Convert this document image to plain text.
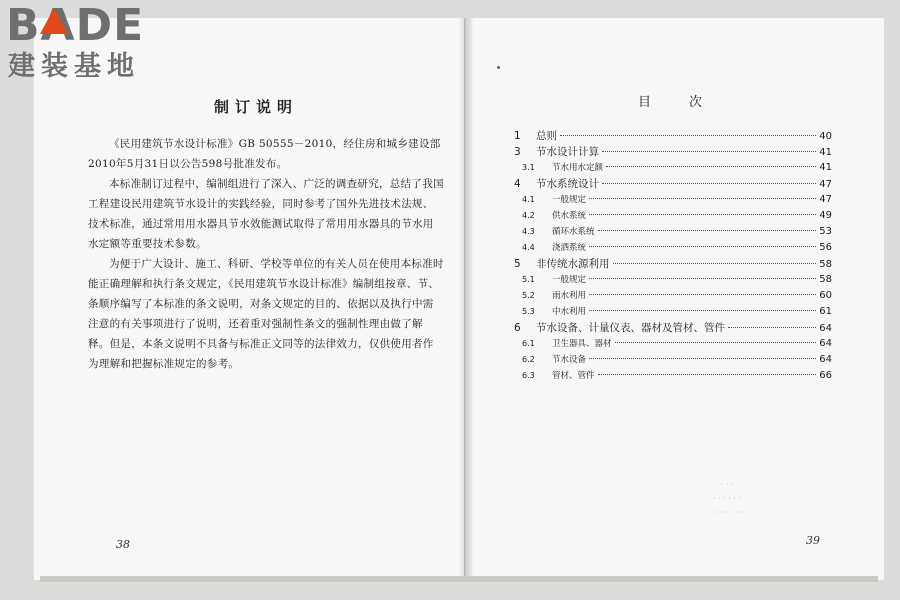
BADE
建装基地
制订说明

《民用建筑节水设计标准》GB 50555－2010，经住房和城乡建设部2010年5月31日以公告598号批准发布。

本标准制订过程中，编制组进行了深入、广泛的调查研究，总结了我国工程建设民用建筑节水设计的实践经验，同时参考了国外先进技术法规、技术标准，通过常用用水器具节水效能测试取得了常用用水器具的节水用水定额等重要技术参数。

为便于广大设计、施工、科研、学校等单位的有关人员在使用本标准时能正确理解和执行条文规定，《民用建筑节水设计标准》编制组按章、节、条顺序编写了本标准的条文说明，对条文规定的目的、依据以及执行中需注意的有关事项进行了说明，还着重对强制性条文的强制性理由做了解释。但是，本条文说明不具备与标准正文同等的法律效力，仅供使用者作为理解和把握标准规定的参考。

38
目次
1	总则	40
3	节水设计计算	41
3.1	节水用水定额	41
4	节水系统设计	47
4.1	一般规定	47
4.2	供水系统	49
4.3	循环水系统	53
4.4	浇洒系统	56
5	非传统水源利用	58
5.1	一般规定	58
5.2	雨水利用	60
5.3	中水利用	61
6	节水设备、计量仪表、器材及管材、管件	64
6.1	卫生器具、器材	64
6.2	节水设备	64
6.3	管材、管件	66
39
· · ·
· · · · · ·
· · · · · · ·
